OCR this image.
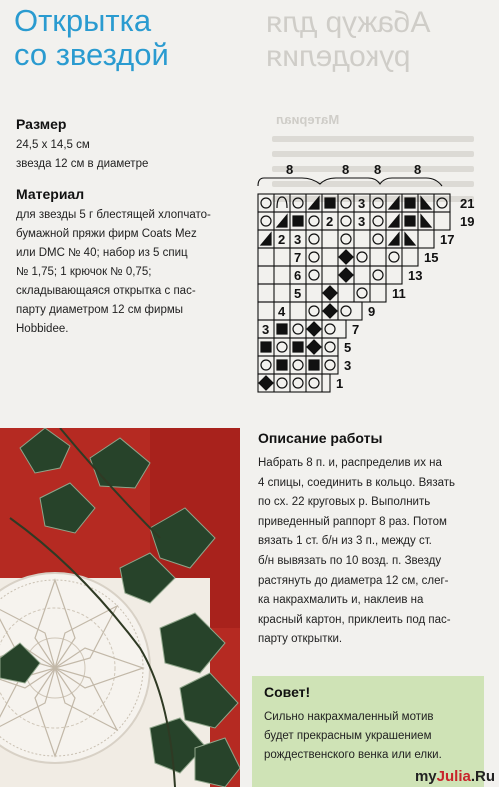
Абажур для рукоделия
Материал
Открытка
со звездой
Размер
24,5 х 14,5 см
звезда 12 см в диаметре
Материал
для звезды 5 г блестящей хлопчато-
бумажной пряжи фирм Coats Mez
или DMC № 40; набор из 5 спиц
№ 1,75; 1 крючок № 0,75;
складывающаяся открытка с пас-
парту диаметром 12 см фирмы
Hobbidee.
8	8 8	8
3
2 3
2 3
7
6
5
4
3
21
19
17
15
13
11
9
7
5
3
1
Описание работы
Набрать 8 п. и, распределив их на
4 спицы, соединить в кольцо. Вязать
по сх. 22 круговых р. Выполнить
приведенный раппорт 8 раз. Потом
вязать 1 ст. б/н из 3 п., между ст.
б/н вывязать по 10 возд. п. Звезду
растянуть до диаметра 12 см, слег-
ка накрахмалить и, наклеив на
красный картон, приклеить под пас-
парту открытки.
Совет!
Сильно накрахмаленный мотив
будет прекрасным украшением
рождественского венка или елки.
myJulia.Ru
